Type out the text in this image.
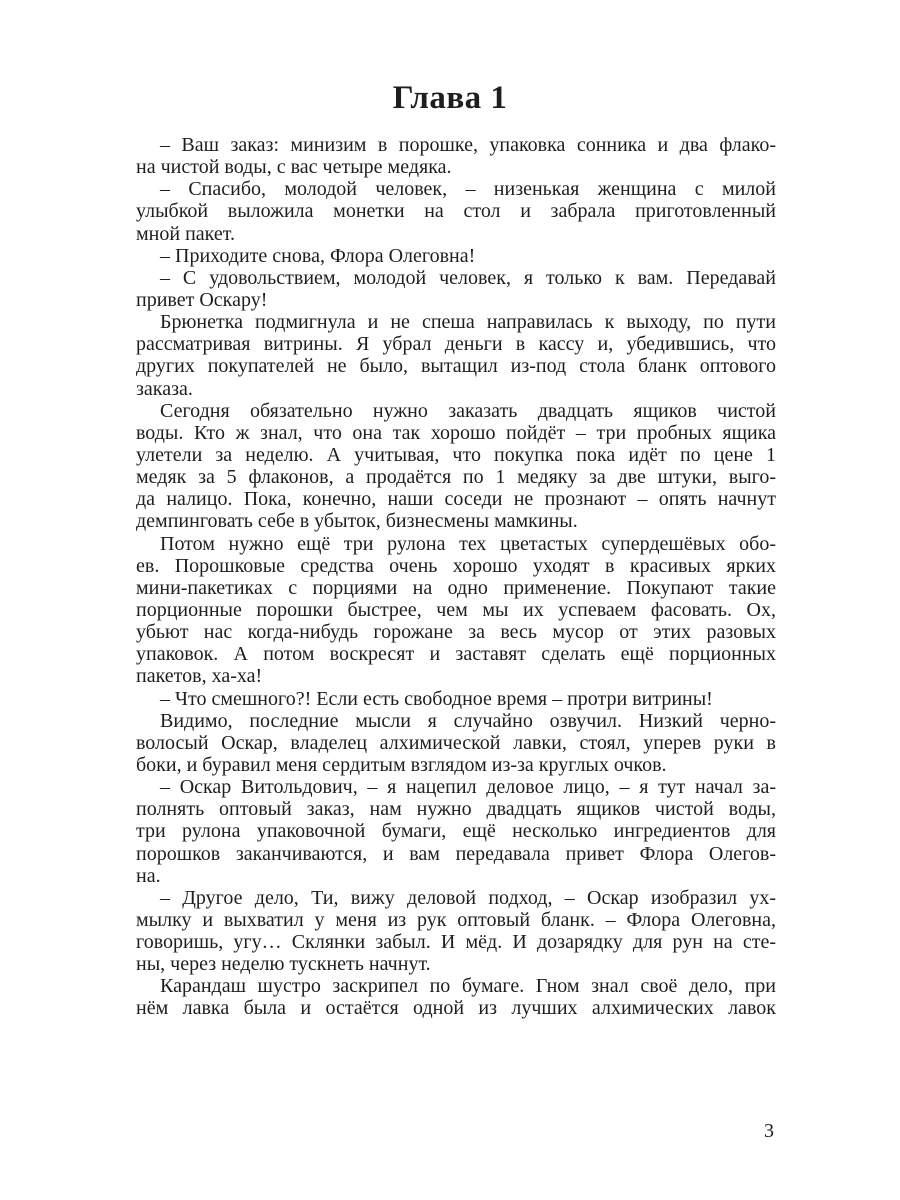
Глава 1
– Ваш заказ: минизим в порошке, упаковка сонника и два флако-
на чистой воды, с вас четыре медяка.
– Спасибо, молодой человек, – низенькая женщина с милой
улыбкой выложила монетки на стол и забрала приготовленный
мной пакет.
– Приходите снова, Флора Олеговна!
– С удовольствием, молодой человек, я только к вам. Передавай
привет Оскару!
Брюнетка подмигнула и не спеша направилась к выходу, по пути
рассматривая витрины. Я убрал деньги в кассу и, убедившись, что
других покупателей не было, вытащил из-под стола бланк оптового
заказа.
Сегодня обязательно нужно заказать двадцать ящиков чистой
воды. Кто ж знал, что она так хорошо пойдёт – три пробных ящика
улетели за неделю. А учитывая, что покупка пока идёт по цене 1
медяк за 5 флаконов, а продаётся по 1 медяку за две штуки, выго-
да налицо. Пока, конечно, наши соседи не прознают – опять начнут
демпинговать себе в убыток, бизнесмены мамкины.
Потом нужно ещё три рулона тех цветастых супердешёвых обо-
ев. Порошковые средства очень хорошо уходят в красивых ярких
мини-пакетиках с порциями на одно применение. Покупают такие
порционные порошки быстрее, чем мы их успеваем фасовать. Ох,
убьют нас когда-нибудь горожане за весь мусор от этих разовых
упаковок. А потом воскресят и заставят сделать ещё порционных
пакетов, ха-ха!
– Что смешного?! Если есть свободное время – протри витрины!
Видимо, последние мысли я случайно озвучил. Низкий черно-
волосый Оскар, владелец алхимической лавки, стоял, уперев руки в
боки, и буравил меня сердитым взглядом из-за круглых очков.
– Оскар Витольдович, – я нацепил деловое лицо, – я тут начал за-
полнять оптовый заказ, нам нужно двадцать ящиков чистой воды,
три рулона упаковочной бумаги, ещё несколько ингредиентов для
порошков заканчиваются, и вам передавала привет Флора Олегов-
на.
– Другое дело, Ти, вижу деловой подход, – Оскар изобразил ух-
мылку и выхватил у меня из рук оптовый бланк. – Флора Олеговна,
говоришь, угу… Склянки забыл. И мёд. И дозарядку для рун на сте-
ны, через неделю тускнеть начнут.
Карандаш шустро заскрипел по бумаге. Гном знал своё дело, при
нём лавка была и остаётся одной из лучших алхимических лавок
3
